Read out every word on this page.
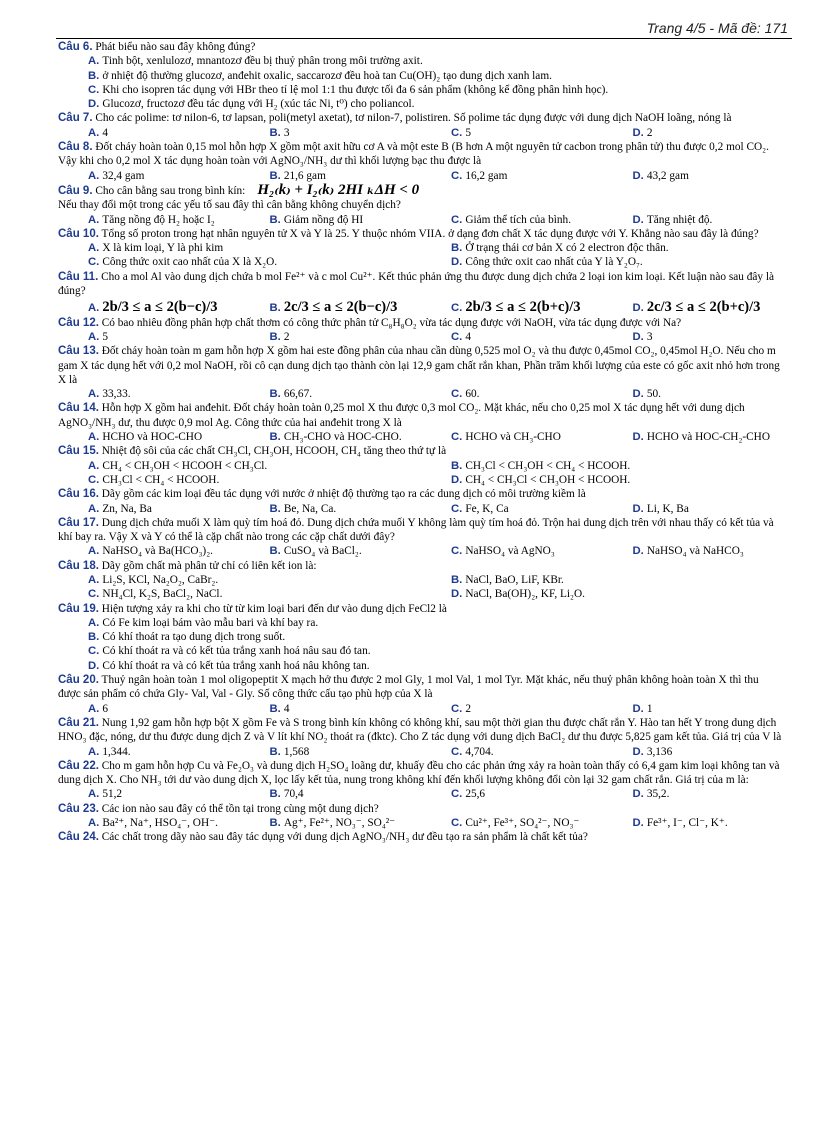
Trang 4/5 - Mã đề: 171
Câu 6. Phát biểu nào sau đây không đúng?
A. Tinh bột, xenlulozơ, mnantozơ đều bị thuỷ phân trong môi trường axit.
B. ở nhiệt độ thường glucozơ, anđehit oxalic, saccarozơ đều hoà tan Cu(OH)₂ tạo dung dịch xanh lam.
C. Khi cho isopren tác dụng với HBr theo tỉ lệ mol 1:1 thu được tối đa 6 sản phẩm (không kể đồng phân hình học).
D. Glucozơ, fructozơ đều tác dụng với H₂ (xúc tác Ni, t⁰) cho poliancol.
Câu 7. Cho các polime: tơ nilon-6, tơ lapsan, poli(metyl axetat), tơ nilon-7, polistiren. Số polime tác dụng được với dung dịch NaOH loãng, nóng là
A. 4	B. 3	C. 5	D. 2
Câu 8. Đốt cháy hoàn toàn 0,15 mol hỗn hợp X gồm một axit hữu cơ A và một este B (B hơn A một nguyên tử cacbon trong phân tử) thu được 0,2 mol CO₂. Vậy khi cho 0,2 mol X tác dụng hoàn toàn với AgNO₃/NH₃ dư thì khối lượng bạc thu được là
A. 32,4 gam	B. 21,6 gam	C. 16,2 gam	D. 43,2 gam
Câu 9. Cho cân bằng sau trong bình kín: H₂₍k₎ + I₂₍k₎ 2HI ₖΔH < 0
Nếu thay đổi một trong các yếu tố sau đây thì cân bằng không chuyển dịch?
A. Tăng nồng độ H₂ hoặc I₂	B. Giảm nồng độ HI	C. Giảm thể tích của bình.	D. Tăng nhiệt độ.
Câu 10. Tổng số proton trong hạt nhân nguyên tử X và Y là 25. Y thuộc nhóm VIIA. ở dạng đơn chất X tác dụng được với Y. Khẳng nào sau đây là đúng?
A. X là kim loại, Y là phi kim	B. Ở trạng thái cơ bản X có 2 electron độc thân.
C. Công thức oxit cao nhất của X là X₂O.	D. Công thức oxit cao nhất của Y là Y₂O₇.
Câu 11. Cho a mol Al vào dung dịch chứa b mol Fe²⁺ và c mol Cu²⁺. Kết thúc phản ứng thu được dung dịch chứa 2 loại ion kim loại. Kết luận nào sau đây là đúng?
A. 2b/3 ≤ a ≤ 2(b−c)/3	B. 2c/3 ≤ a ≤ 2(b−c)/3	C. 2b/3 ≤ a ≤ 2(b+c)/3	D. 2c/3 ≤ a ≤ 2(b+c)/3
Câu 12. Có bao nhiêu đồng phân hợp chất thơm có công thức phân tử C₈H₈O₂ vừa tác dụng được với NaOH, vừa tác dụng được với Na?
A. 5	B. 2	C. 4	D. 3
Câu 13. Đốt cháy hoàn toàn m gam hỗn hợp X gồm hai este đồng phân của nhau cần dùng 0,525 mol O₂ và thu được 0,45mol CO₂, 0,45mol H₂O. Nếu cho m gam X tác dụng hết với 0,2 mol NaOH, rồi cô cạn dung dịch tạo thành còn lại 12,9 gam chất rắn khan, Phần trăm khối lượng của este có gốc axit nhỏ hơn trong X là
A. 33,33.	B. 66,67.	C. 60.	D. 50.
Câu 14. Hỗn hợp X gồm hai anđehit. Đốt cháy hoàn toàn 0,25 mol X thu được 0,3 mol CO₂. Mặt khác, nếu cho 0,25 mol X tác dụng hết với dung dịch AgNO₃/NH₃ dư, thu được 0,9 mol Ag. Công thức của hai anđehit trong X là
A. HCHO và HOC-CHO	B. CH₃-CHO và HOC-CHO.	C. HCHO và CH₃-CHO	D. HCHO và HOC-CH₂-CHO
Câu 15. Nhiệt độ sôi của các chất CH₃Cl, CH₃OH, HCOOH, CH₄ tăng theo thứ tự là
A. CH₄ < CH₃OH < HCOOH < CH₃Cl.	B. CH₃Cl < CH₃OH < CH₄ < HCOOH.
C. CH₃Cl < CH₄ < HCOOH.	D. CH₄ < CH₃Cl < CH₃OH < HCOOH.
Câu 16. Dãy gồm các kim loại đều tác dụng với nước ở nhiệt độ thường tạo ra các dung dịch có môi trường kiềm là
A. Zn, Na, Ba	B. Be, Na, Ca.	C. Fe, K, Ca	D. Li, K, Ba
Câu 17. Dung dịch chứa muối X làm quỳ tím hoá đỏ. Dung dịch chứa muối Y không làm quỳ tím hoá đỏ. Trộn hai dung dịch trên với nhau thấy có kết tủa và khí bay ra. Vậy X và Y có thể là cặp chất nào trong các cặp chất dưới đây?
A. NaHSO₄ và Ba(HCO₃)₂.	B. CuSO₄ và BaCl₂.	C. NaHSO₄ và AgNO₃	D. NaHSO₄ và NaHCO₃
Câu 18. Dãy gồm chất mà phân tử chỉ có liên kết ion là:
A. Li₂S, KCl, Na₂O₂, CaBr₂.	B. NaCl, BaO, LiF, KBr.
C. NH₄Cl, K₂S, BaCl₂, NaCl.	D. NaCl, Ba(OH)₂, KF, Li₂O.
Câu 19. Hiện tượng xảy ra khi cho từ từ kim loại bari đến dư vào dung dịch FeCl2 là
A. Có Fe kim loại bám vào mẫu bari và khí bay ra.
B. Có khí thoát ra tạo dung dịch trong suốt.
C. Có khí thoát ra và có kết tủa trắng xanh hoá nâu sau đó tan.
D. Có khí thoát ra và có kết tủa trắng xanh hoá nâu không tan.
Câu 20. Thuỷ ngân hoàn toàn 1 mol oligopeptit X mạch hở thu được 2 mol Gly, 1 mol Val, 1 mol Tyr. Mặt khác, nếu thuỷ phân không hoàn toàn X thì thu được sản phẩm có chứa Gly- Val, Val - Gly. Số công thức cấu tạo phù hợp của X là
A. 6	B. 4	C. 2	D. 1
Câu 21. Nung 1,92 gam hỗn hợp bột X gồm Fe và S trong bình kín không có không khí, sau một thời gian thu được chất rắn Y. Hào tan hết Y trong dung dịch HNO₃ đặc, nóng, dư thu được dung dịch Z và V lít khí NO₂ thoát ra (đktc). Cho Z tác dụng với dung dịch BaCl₂ dư thu được 5,825 gam kết tủa. Giá trị của V là
A. 1,344.	B. 1,568	C. 4,704.	D. 3,136
Câu 22. Cho m gam hỗn hợp Cu và Fe₂O₃ và dung dịch H₂SO₄ loãng dư, khuấy đều cho các phản ứng xảy ra hoàn toàn thấy có 6,4 gam kim loại không tan và dung dịch X. Cho NH₃ tới dư vào dung dịch X, lọc lấy kết tủa, nung trong không khí đến khối lượng không đổi còn lại 32 gam chất rắn. Giá trị của m là:
A. 51,2	B. 70,4	C. 25,6	D. 35,2.
Câu 23. Các ion nào sau đây có thể tồn tại trong cùng một dung dịch?
A. Ba²⁺, Na⁺, HSO₄⁻, OH⁻.	B. Ag⁺, Fe²⁺, NO₃⁻, SO₄²⁻	C. Cu²⁺, Fe³⁺, SO₄²⁻, NO₃⁻	D. Fe³⁺, I⁻, Cl⁻, K⁺.
Câu 24. Các chất trong dãy nào sau đây tác dụng với dung dịch AgNO₃/NH₃ dư đều tạo ra sản phẩm là chất kết tủa?
